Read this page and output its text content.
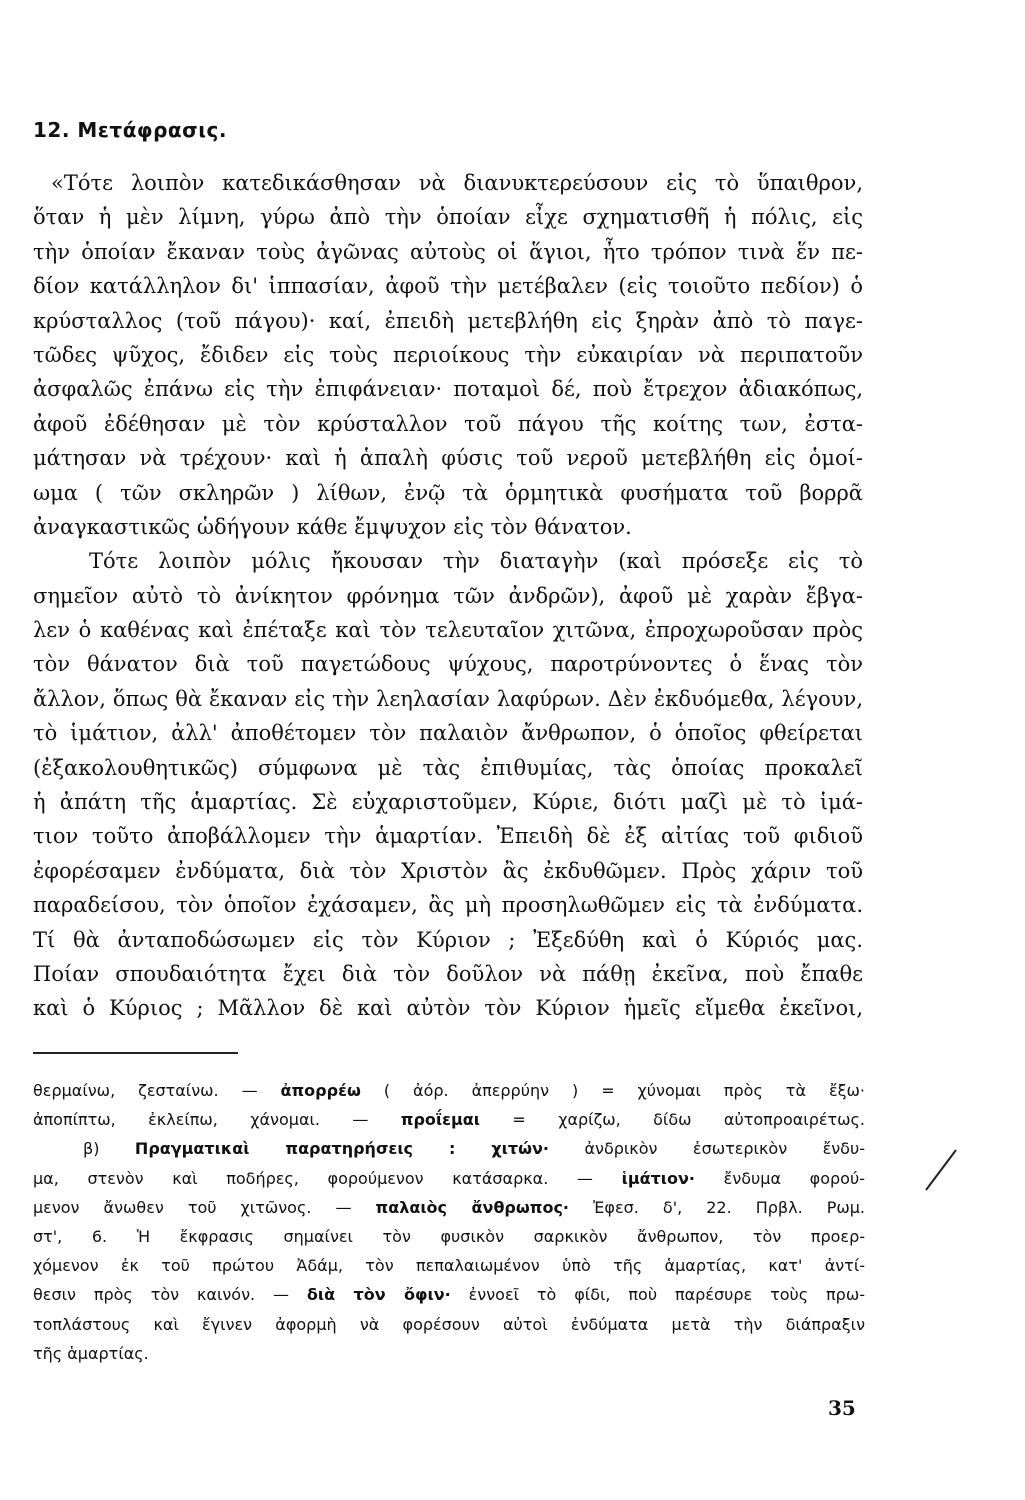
12. Μετάφρασις.
«Τότε λοιπὸν κατεδικάσθησαν νὰ διανυκτερεύσουν εἰς τὸ ὕπαιθρον,
ὅταν ἡ μὲν λίμνη, γύρω ἀπὸ τὴν ὁποίαν εἶχε σχηματισθῆ ἡ πόλις, εἰς
τὴν ὁποίαν ἔκαναν τοὺς ἀγῶνας αὐτοὺς οἱ ἅγιοι, ἦτο τρόπον τινὰ ἕν πε-
δίον κατάλληλον δι' ἱππασίαν, ἀφοῦ τὴν μετέβαλεν (εἰς τοιοῦτο πεδίον) ὁ
κρύσταλλος (τοῦ πάγου)· καί, ἐπειδὴ μετεβλήθη εἰς ξηρὰν ἀπὸ τὸ παγε-
τῶδες ψῦχος, ἔδιδεν εἰς τοὺς περιοίκους τὴν εὐκαιρίαν νὰ περιπατοῦν
ἀσφαλῶς ἐπάνω εἰς τὴν ἐπιφάνειαν· ποταμοὶ δέ, ποὺ ἔτρεχον ἀδιακόπως,
ἀφοῦ ἐδέθησαν μὲ τὸν κρύσταλλον τοῦ πάγου τῆς κοίτης των, ἐστα-
μάτησαν νὰ τρέχουν· καὶ ἡ ἁπαλὴ φύσις τοῦ νεροῦ μετεβλήθη εἰς ὁμοί-
ωμα ( τῶν σκληρῶν ) λίθων, ἐνῷ τὰ ὁρμητικὰ φυσήματα τοῦ βορρᾶ
ἀναγκαστικῶς ὡδήγουν κάθε ἔμψυχον εἰς τὸν θάνατον.
Τότε λοιπὸν μόλις ἤκουσαν τὴν διαταγὴν (καὶ πρόσεξε εἰς τὸ
σημεῖον αὐτὸ τὸ ἀνίκητον φρόνημα τῶν ἀνδρῶν), ἀφοῦ μὲ χαρὰν ἔβγα-
λεν ὁ καθένας καὶ ἐπέταξε καὶ τὸν τελευταῖον χιτῶνα, ἐπροχωροῦσαν πρὸς
τὸν θάνατον διὰ τοῦ παγετώδους ψύχους, παροτρύνοντες ὁ ἕνας τὸν
ἄλλον, ὅπως θὰ ἔκαναν εἰς τὴν λεηλασίαν λαφύρων. Δὲν ἐκδυόμεθα, λέγουν,
τὸ ἱμάτιον, ἀλλ' ἀποθέτομεν τὸν παλαιὸν ἄνθρωπον, ὁ ὁποῖος φθείρεται
(ἐξακολουθητικῶς) σύμφωνα μὲ τὰς ἐπιθυμίας, τὰς ὁποίας προκαλεῖ
ἡ ἀπάτη τῆς ἁμαρτίας. Σὲ εὐχαριστοῦμεν, Κύριε, διότι μαζὶ μὲ τὸ ἱμά-
τιον τοῦτο ἀποβάλλομεν τὴν ἁμαρτίαν. Ἐπειδὴ δὲ ἐξ αἰτίας τοῦ φιδιοῦ
ἐφορέσαμεν ἐνδύματα, διὰ τὸν Χριστὸν ἂς ἐκδυθῶμεν. Πρὸς χάριν τοῦ
παραδείσου, τὸν ὁποῖον ἐχάσαμεν, ἂς μὴ προσηλωθῶμεν εἰς τὰ ἐνδύματα.
Τί θὰ ἀνταποδώσωμεν εἰς τὸν Κύριον ; Ἐξεδύθη καὶ ὁ Κύριός μας.
Ποίαν σπουδαιότητα ἔχει διὰ τὸν δοῦλον νὰ πάθῃ ἐκεῖνα, ποὺ ἔπαθε
καὶ ὁ Κύριος ; Μᾶλλον δὲ καὶ αὐτὸν τὸν Κύριον ἡμεῖς εἴμεθα ἐκεῖνοι,
θερμαίνω, ζεσταίνω. — ἀπορρέω ( ἀόρ. ἀπερρύην ) = χύνομαι πρὸς τὰ ἔξω·
ἀποπίπτω, ἐκλείπω, χάνομαι. — προΐεμαι = χαρίζω, δίδω αὐτοπροαιρέτως.
β) Πραγματικαὶ παρατηρήσεις : χιτών· ἀνδρικὸν ἐσωτερικὸν ἔνδυ-
μα, στενὸν καὶ ποδήρες, φορούμενον κατάσαρκα. — ἱμάτιον· ἔνδυμα φορού-
μενον ἄνωθεν τοῦ χιτῶνος. — παλαιὸς ἄνθρωπος· Ἐφεσ. δ', 22. Πρβλ. Ρωμ.
στ', 6. Ἡ ἔκφρασις σημαίνει τὸν φυσικὸν σαρκικὸν ἄνθρωπον, τὸν προερ-
χόμενον ἐκ τοῦ πρώτου Ἀδάμ, τὸν πεπαλαιωμένον ὑπὸ τῆς ἁμαρτίας, κατ' ἀντί-
θεσιν πρὸς τὸν καινόν. — διὰ τὸν ὄφιν· ἐννοεῖ τὸ φίδι, ποὺ παρέσυρε τοὺς πρω-
τοπλάστους καὶ ἔγινεν ἀφορμὴ νὰ φορέσουν αὐτοὶ ἐνδύματα μετὰ τὴν διάπραξιν
τῆς ἁμαρτίας.
35
